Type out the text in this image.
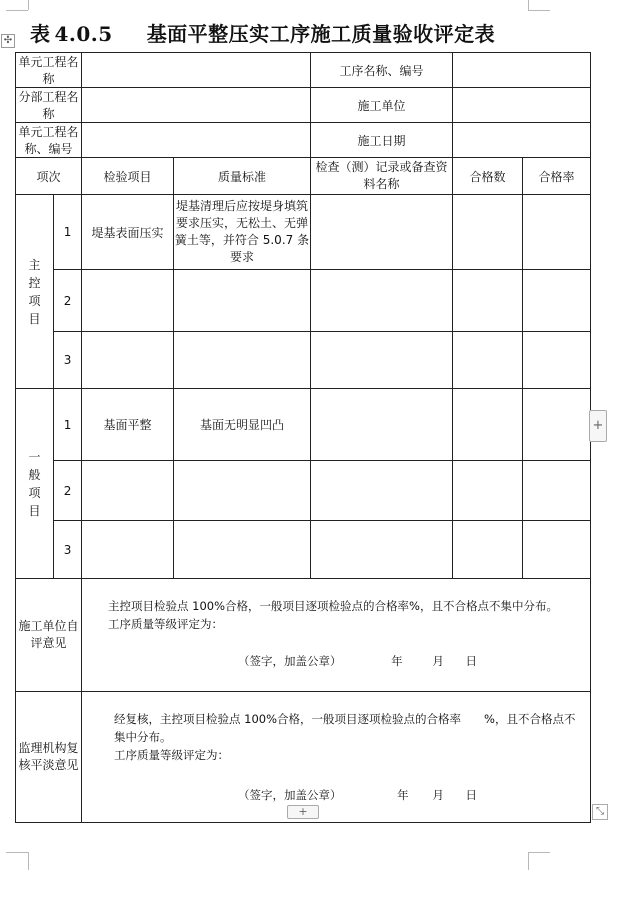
表 4.0.5 基面平整压实工序施工质量验收评定表
✣
单元工程名称				工序名称、编号		
分部工程名称				施工单位		
单元工程名称、编号				施工日期		
项次		检验项目	质量标准	检查（测）记录或备查资料名称	合格数	合格率
主控项目	1	堤基表面压实	堤基清理后应按堤身填筑要求压实，无松土、无弹簧土等，并符合 5.0.7 条要求			
	2					
	3					
一般项目	1	基面平整	基面无明显凹凸			
	2					
	3					
施工单位自评意见		主控项目检验点 100%合格，一般项目逐项检验点的合格率%，且不合格点不集中分布。

工序质量等级评定为：

（签字，加盖公章） 年 月 日				

监理机构复核平淡意见		经复核，主控项目检验点 100%合格，一般项目逐项检验点的合格率　　%，且不合格点不集中分布。

工序质量等级评定为：

（签字，加盖公章） 年 月 日				
+
+	⤡
